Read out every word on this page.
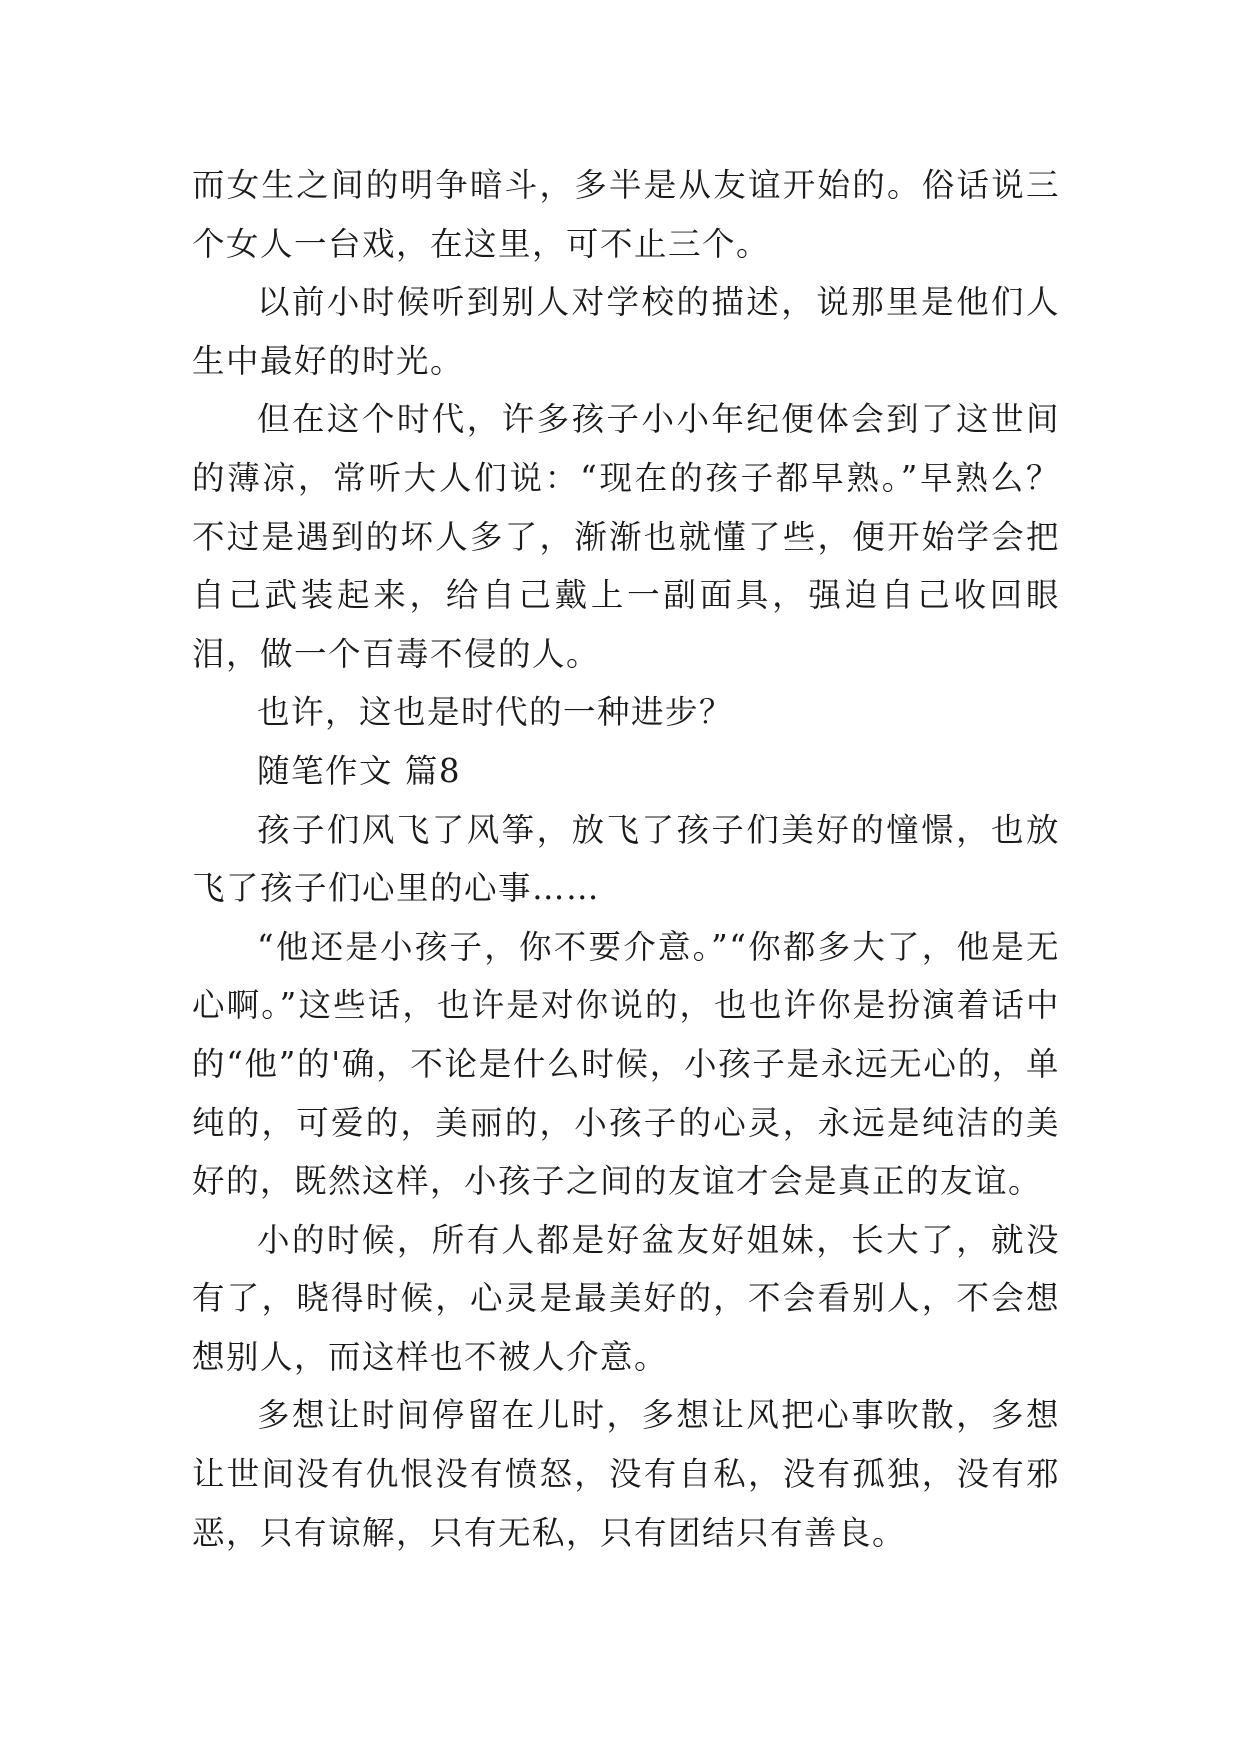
而女生之间的明争暗斗，多半是从友谊开始的。俗话说三个女人一台戏，在这里，可不止三个。

以前小时候听到别人对学校的描述，说那里是他们人生中最好的时光。

但在这个时代，许多孩子小小年纪便体会到了这世间的薄凉，常听大人们说：“现在的孩子都早熟。”早熟么？不过是遇到的坏人多了，渐渐也就懂了些，便开始学会把自己武装起来，给自己戴上一副面具，强迫自己收回眼泪，做一个百毒不侵的人。

也许，这也是时代的一种进步？

随笔作文 篇8

孩子们风飞了风筝，放飞了孩子们美好的憧憬，也放飞了孩子们心里的心事……

“他还是小孩子，你不要介意。”“你都多大了，他是无心啊。”这些话，也许是对你说的，也也许你是扮演着话中的“他”的'确，不论是什么时候，小孩子是永远无心的，单纯的，可爱的，美丽的，小孩子的心灵，永远是纯洁的美好的，既然这样，小孩子之间的友谊才会是真正的友谊。

小的时候，所有人都是好盆友好姐妹，长大了，就没有了，晓得时候，心灵是最美好的，不会看别人，不会想想别人，而这样也不被人介意。

多想让时间停留在儿时，多想让风把心事吹散，多想让世间没有仇恨没有愤怒，没有自私，没有孤独，没有邪恶，只有谅解，只有无私，只有团结只有善良。
